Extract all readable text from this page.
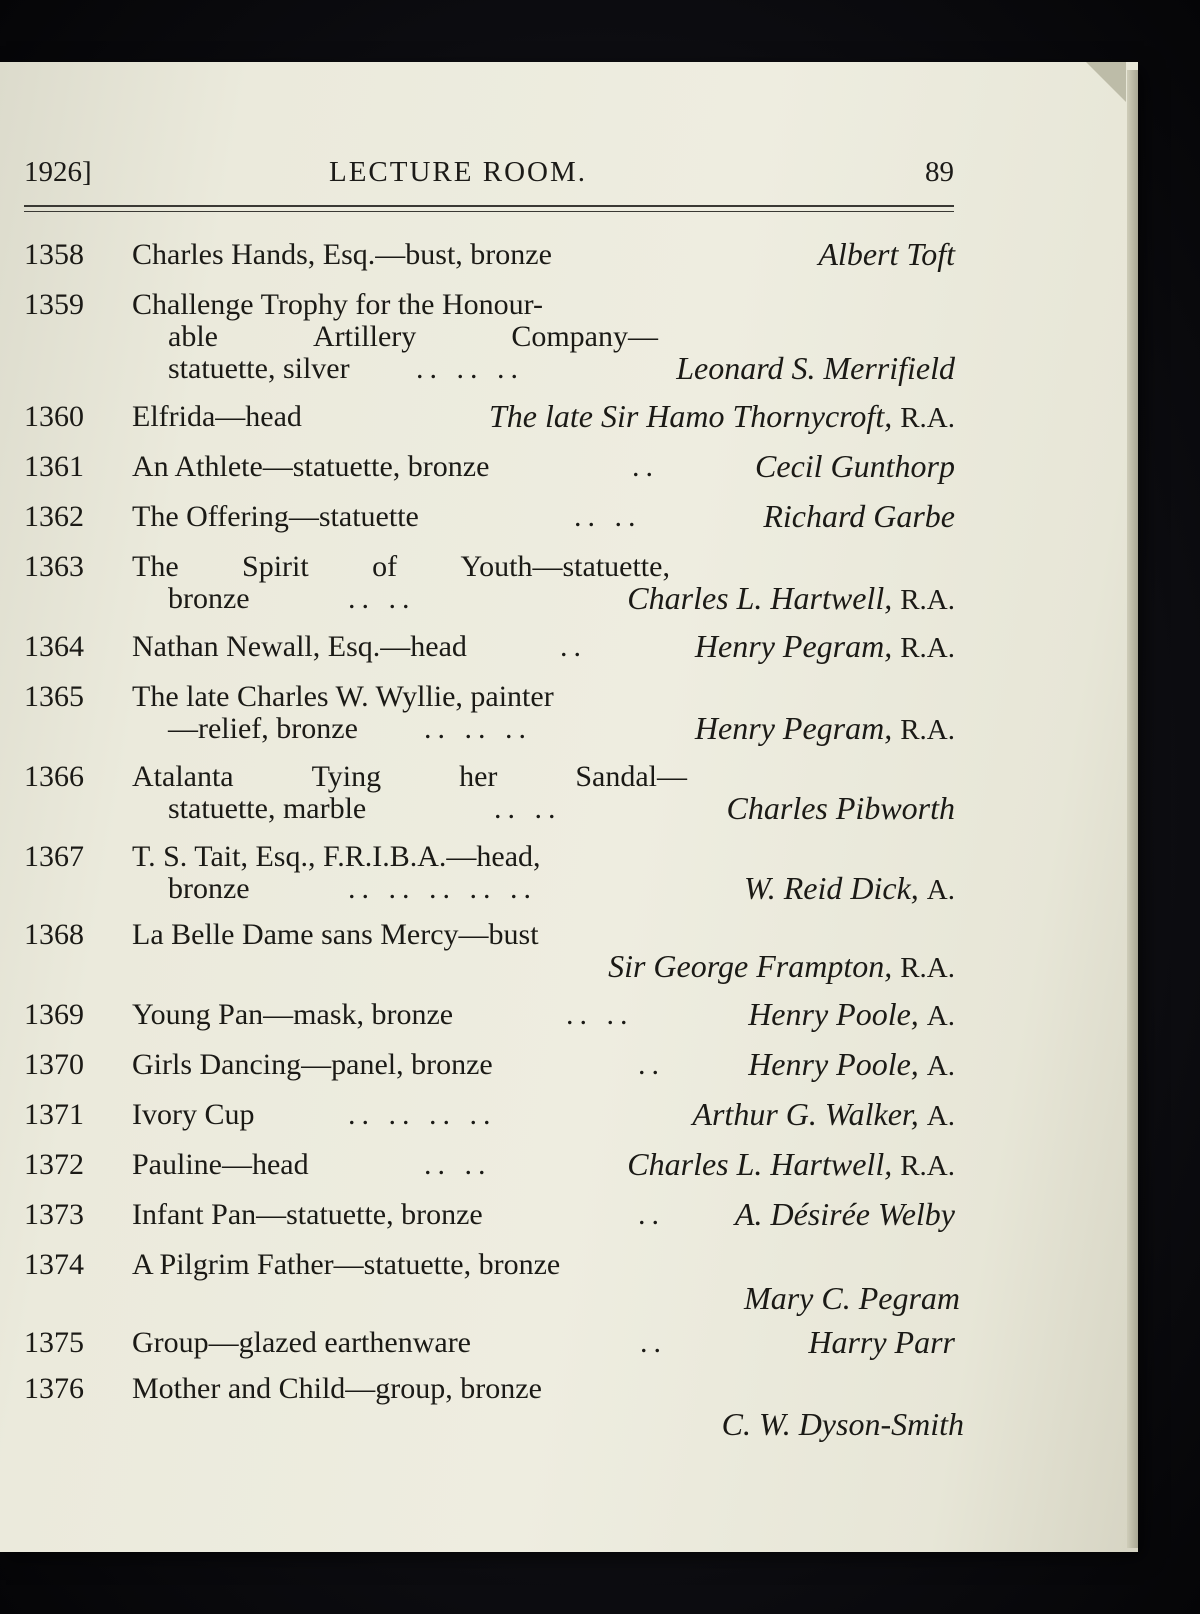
1926]	LECTURE ROOM.	89
1358 Charles Hands, Esq.—bust, bronze	Albert Toft
1359 Challenge Trophy for the Honour-
able	Artillery	Company—
statuette, silver .. .. ..	Leonard S. Merrifield
1360 Elfrida—head	The late Sir Hamo Thornycroft, R.A.
1361 An Athlete—statuette, bronze	..	Cecil Gunthorp
1362 The Offering—statuette	.. ..	Richard Garbe
1363 The Spirit of Youth—statuette,
bronze	.. ..	Charles L. Hartwell, R.A.
1364 Nathan Newall, Esq.—head	..	Henry Pegram, R.A.
1365 The late Charles W. Wyllie, painter
—relief, bronze .. .. ..	Henry Pegram, R.A.
1366 Atalanta	Tying	her	Sandal—
statuette, marble	.. ..	Charles Pibworth
1367 T. S. Tait, Esq., F.R.I.B.A.—head,
bronze	.. .. .. .. ..	W. Reid Dick, A.
1368 La Belle Dame sans Mercy—bust
Sir George Frampton, R.A.
1369 Young Pan—mask, bronze	.. ..	Henry Poole, A.
1370 Girls Dancing—panel, bronze	..	Henry Poole, A.
1371 Ivory Cup	.. .. .. ..	Arthur G. Walker, A.
1372 Pauline—head	.. ..	Charles L. Hartwell, R.A.
1373 Infant Pan—statuette, bronze	.. A. Désirée Welby
1374 A Pilgrim Father—statuette, bronze
Mary C. Pegram
1375 Group—glazed earthenware	..	Harry Parr
1376 Mother and Child—group, bronze
C. W. Dyson-Smith
